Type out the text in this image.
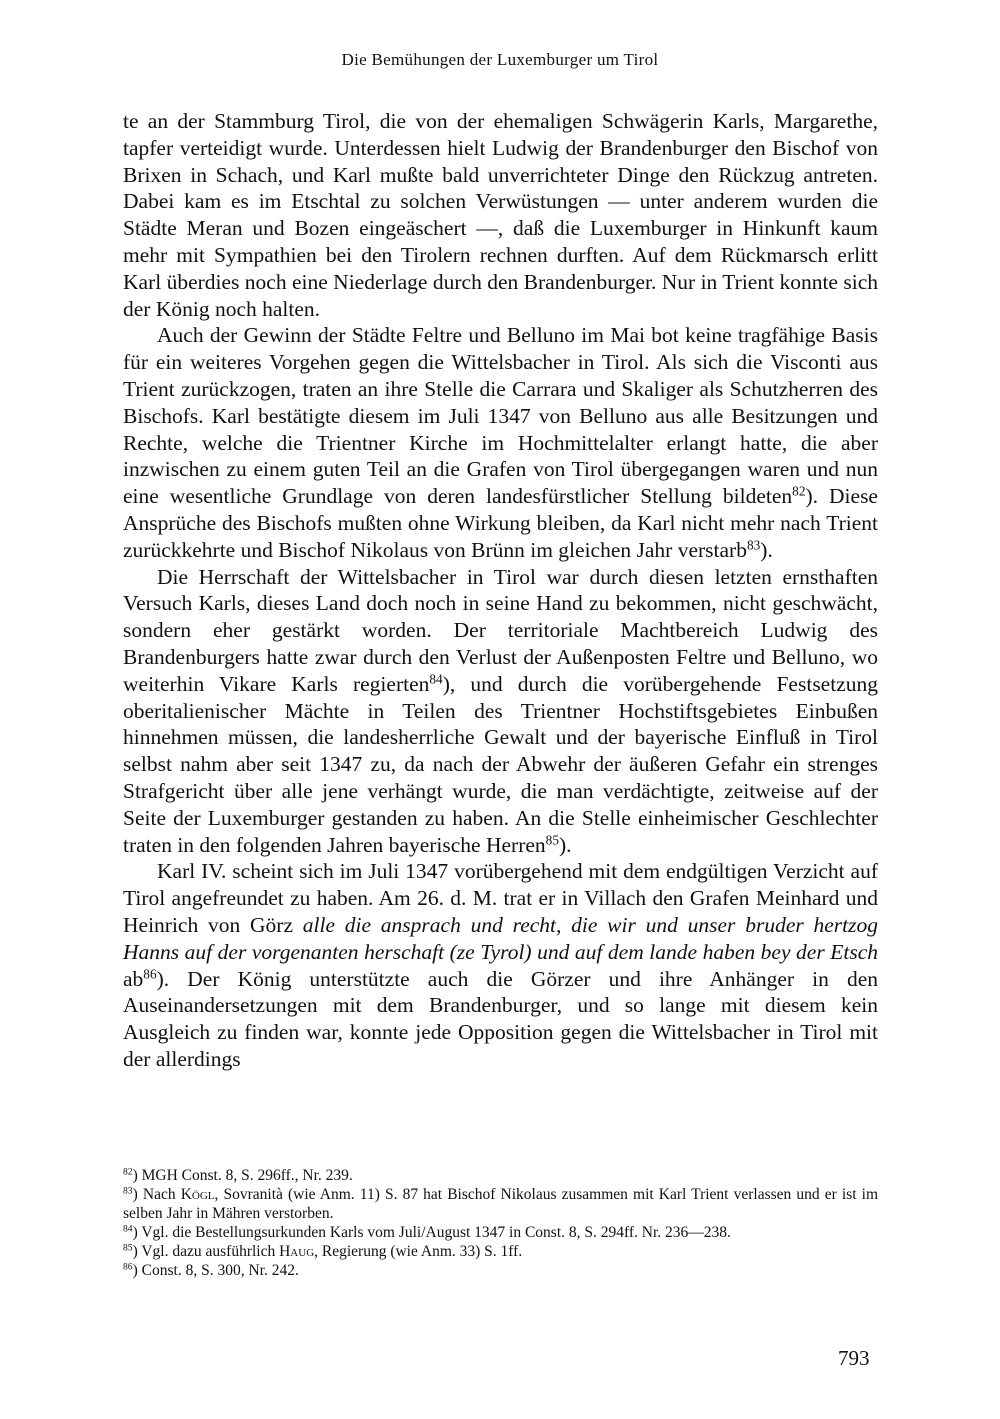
Die Bemühungen der Luxemburger um Tirol

te an der Stammburg Tirol, die von der ehemaligen Schwägerin Karls, Margarethe, tapfer verteidigt wurde. Unterdessen hielt Ludwig der Brandenburger den Bischof von Brixen in Schach, und Karl mußte bald unverrichteter Dinge den Rückzug antreten. Dabei kam es im Etschtal zu solchen Verwüstungen — unter anderem wurden die Städte Meran und Bozen eingeäschert —, daß die Luxemburger in Hinkunft kaum mehr mit Sympathien bei den Tirolern rechnen durften. Auf dem Rückmarsch erlitt Karl überdies noch eine Niederlage durch den Brandenburger. Nur in Trient konnte sich der König noch halten.

Auch der Gewinn der Städte Feltre und Belluno im Mai bot keine tragfähige Basis für ein weiteres Vorgehen gegen die Wittelsbacher in Tirol. Als sich die Visconti aus Trient zurückzogen, traten an ihre Stelle die Carrara und Skaliger als Schutzherren des Bischofs. Karl bestätigte diesem im Juli 1347 von Belluno aus alle Besitzungen und Rechte, welche die Trientner Kirche im Hochmittelalter erlangt hatte, die aber inzwischen zu einem guten Teil an die Grafen von Tirol übergegangen waren und nun eine wesentliche Grundlage von deren landesfürstlicher Stellung bildeten$^{82}$). Diese Ansprüche des Bischofs mußten ohne Wirkung bleiben, da Karl nicht mehr nach Trient zurückkehrte und Bischof Nikolaus von Brünn im gleichen Jahr verstarb$^{83}$).

Die Herrschaft der Wittelsbacher in Tirol war durch diesen letzten ernsthaften Versuch Karls, dieses Land doch noch in seine Hand zu bekommen, nicht geschwächt, sondern eher gestärkt worden. Der territoriale Machtbereich Ludwig des Brandenburgers hatte zwar durch den Verlust der Außenposten Feltre und Belluno, wo weiterhin Vikare Karls regierten$^{84}$), und durch die vorübergehende Festsetzung oberitalienischer Mächte in Teilen des Trientner Hochstiftsgebietes Einbußen hinnehmen müssen, die landesherrliche Gewalt und der bayerische Einfluß in Tirol selbst nahm aber seit 1347 zu, da nach der Abwehr der äußeren Gefahr ein strenges Strafgericht über alle jene verhängt wurde, die man verdächtigte, zeitweise auf der Seite der Luxemburger gestanden zu haben. An die Stelle einheimischer Geschlechter traten in den folgenden Jahren bayerische Herren$^{85}$).

Karl IV. scheint sich im Juli 1347 vorübergehend mit dem endgültigen Verzicht auf Tirol angefreundet zu haben. Am 26. d. M. trat er in Villach den Grafen Meinhard und Heinrich von Görz alle die ansprach und recht, die wir und unser bruder hertzog Hanns auf der vorgenanten herschaft (ze Tyrol) und auf dem lande haben bey der Etsch $ab^{86}$). Der König unterstützte auch die Görzer und ihre Anhänger in den Auseinandersetzungen mit dem Brandenburger, und so lange mit diesem kein Ausgleich zu finden war, konnte jede Opposition gegen die Wittelsbacher in Tirol mit der allerdings

$^{82}$) MGH Const. 8, S. 296ff., Nr. 239.

$^{83}$) Nach Kögl, Sovranità (wie Anm. 11) S. 87 hat Bischof Nikolaus zusammen mit Karl Trient verlassen und er ist im selben Jahr in Mähren verstorben.

$^{84}$) Vgl. die Bestellungsurkunden Karls vom Juli/August 1347 in Const. 8, S. 294ff. Nr. 236—238.

$^{85}$) Vgl. dazu ausführlich Haug, Regierung (wie Anm. 33) S. 1ff.

$^{86}$) Const. 8, S. 300, Nr. 242.

793
